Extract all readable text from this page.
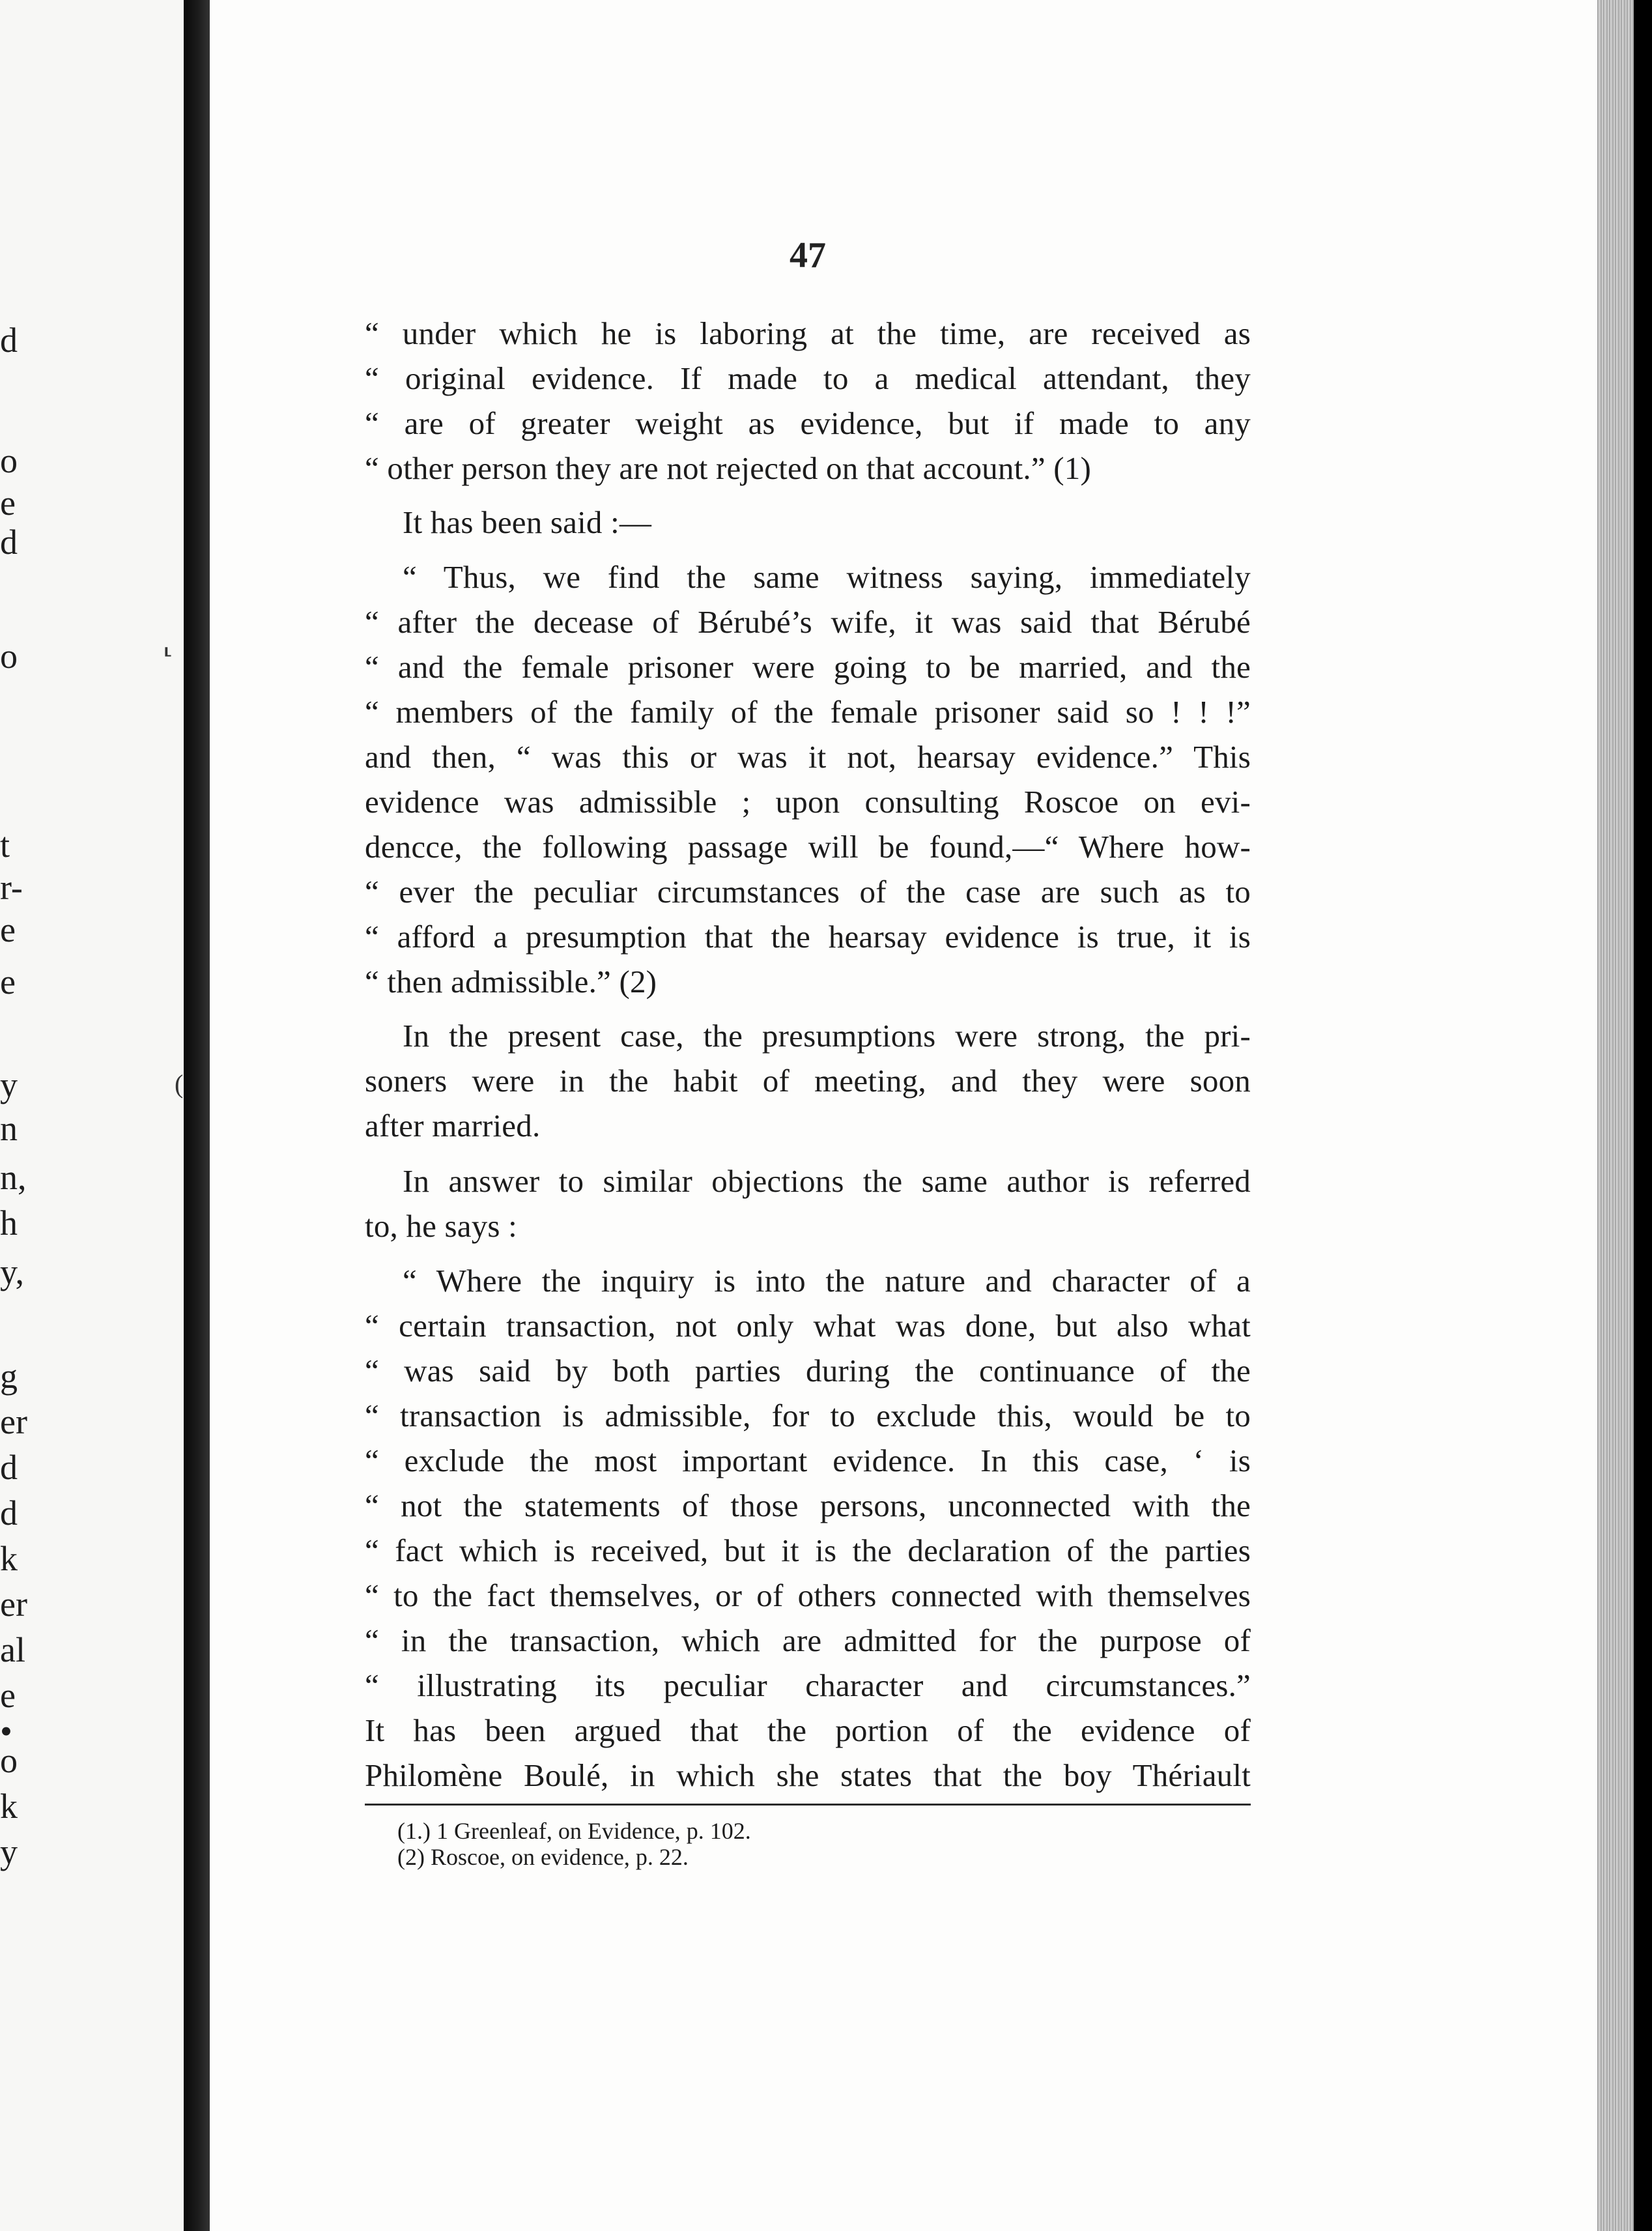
d
o
e
d
o
t
r-
e
e
y
n
n,
h
y,
g
er
d
d
k
er
al
e
•
o
k
y
⸤
(
47
“ under which he is laboring at the time, are received as
“ original evidence. If made to a medical attendant, they
“ are of greater weight as evidence, but if made to any
“ other person they are not rejected on that account.” (1)
It has been said :—
“ Thus, we find the same witness saying, immediately
“ after the decease of Bérubé’s wife, it was said that Bérubé
“ and the female prisoner were going to be married, and the
“ members of the family of the female prisoner said so ! ! !”
and then, “ was this or was it not, hearsay evidence.” This
evidence was admissible ; upon consulting Roscoe on evi-
dencce, the following passage will be found,—“ Where how-
“ ever the peculiar circumstances of the case are such as to
“ afford a presumption that the hearsay evidence is true, it is
“ then admissible.” (2)
In the present case, the presumptions were strong, the pri-
soners were in the habit of meeting, and they were soon
after married.
In answer to similar objections the same author is referred
to, he says :
“ Where the inquiry is into the nature and character of a
“ certain transaction, not only what was done, but also what
“ was said by both parties during the continuance of the
“ transaction is admissible, for to exclude this, would be to
“ exclude the most important evidence. In this case, ‘ is
“ not the statements of those persons, unconnected with the
“ fact which is received, but it is the declaration of the parties
“ to the fact themselves, or of others connected with themselves
“ in the transaction, which are admitted for the purpose of
“ illustrating its peculiar character and circumstances.”
It has been argued that the portion of the evidence of
Philomène Boulé, in which she states that the boy Thériault
(1.) 1 Greenleaf, on Evidence, p. 102.
(2) Roscoe, on evidence, p. 22.
